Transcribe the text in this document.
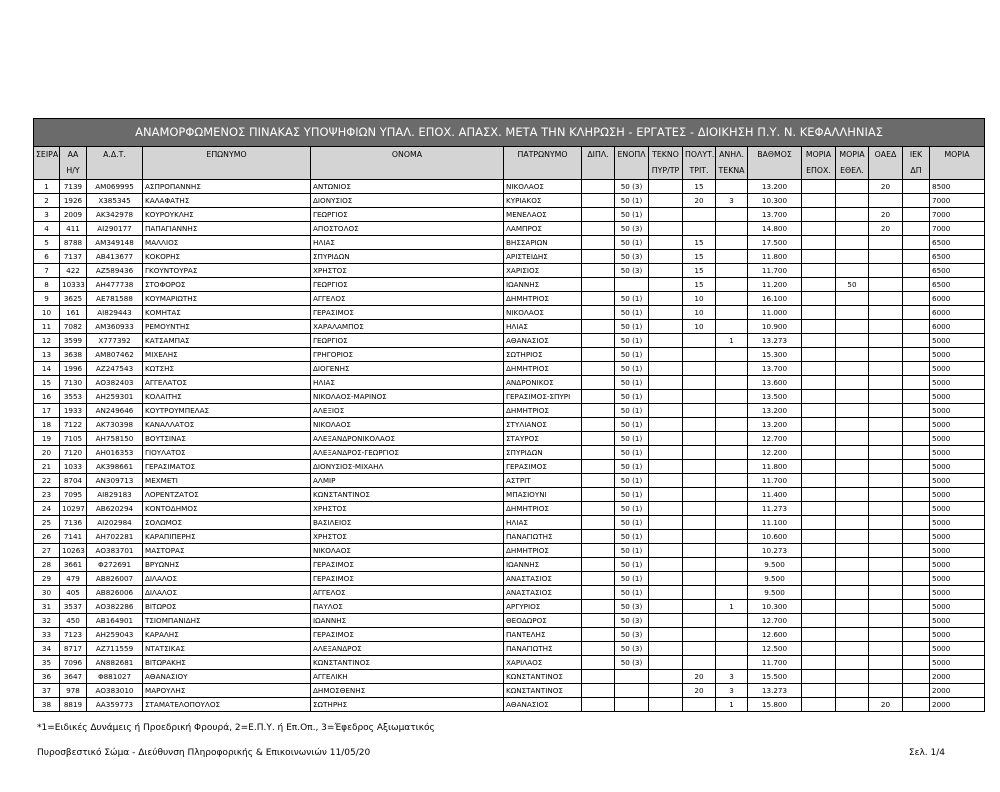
ΑΝΑΜΟΡΦΩΜΕΝΟΣ ΠΙΝΑΚΑΣ ΥΠΟΨΗΦΙΩΝ ΥΠΑΛ. ΕΠΟΧ. ΑΠΑΣΧ. ΜΕΤΑ ΤΗΝ ΚΛΗΡΩΣΗ - ΕΡΓΑΤΕΣ - ΔΙΟΙΚΗΣΗ Π.Υ. Ν. ΚΕΦΑΛΛΗΝΙΑΣ																
ΣΕΙΡΑ	ΑΑ	Α.Δ.Τ.	ΕΠΩΝΥΜΟ	ΟΝΟΜΑ	ΠΑΤΡΩΝΥΜΟ	ΔΙΠΛ.	ΕΝΟΠΛ	ΤΕΚΝΟ	ΠΟΛΥΤ.	ΑΝΗΛ.	ΒΑΘΜΟΣ	ΜΟΡΙΑ	ΜΟΡΙΑ	ΟΑΕΔ	ΙΕΚ	ΜΟΡΙΑ
	Η/Υ							ΠΥΡ/ΤΡ	ΤΡΙΤ.	ΤΕΚΝΑ		ΕΠΟΧ.	ΕΘΕΛ.		ΔΠ	
1	7139	ΑΜ069995	ΑΣΠΡΟΠΑΝΝΗΣ	ΑΝΤΩΝΙΟΣ	ΝΙΚΟΛΑΟΣ		50 (3)		15		13.200			20		8500
2	1926	Χ385345	ΚΑΛΑΦΑΤΗΣ	ΔΙΟΝΥΣΙΟΣ	ΚΥΡΙΑΚΟΣ		50 (1)		20	3	10.300					7000
3	2009	ΑΚ342978	ΚΟΥΡΟΥΚΛΗΣ	ΓΕΩΡΓΙΟΣ	ΜΕΝΕΛΑΟΣ		50 (1)				13.700			20		7000
4	411	ΑΙ290177	ΠΑΠΑΓΙΑΝΝΗΣ	ΑΠΟΣΤΟΛΟΣ	ΛΑΜΠΡΟΣ		50 (3)				14.800			20		7000
5	8788	ΑΜ349148	ΜΑΛΛΙΟΣ	ΗΛΙΑΣ	ΒΗΣΣΑΡΙΩΝ		50 (1)		15		17.500					6500
6	7137	ΑΒ413677	ΚΟΚΟΡΗΣ	ΣΠΥΡΙΔΩΝ	ΑΡΙΣΤΕΙΔΗΣ		50 (3)		15		11.800					6500
7	422	ΑΖ589436	ΓΚΟΥΝΤΟΥΡΑΣ	ΧΡΗΣΤΟΣ	ΧΑΡΙΣΙΟΣ		50 (3)		15		11.700					6500
8	10333	ΑΗ477738	ΣΤΟΦΟΡΟΣ	ΓΕΩΡΓΙΟΣ	ΙΩΑΝΝΗΣ				15		11.200		50			6500
9	3625	ΑΕ781588	ΚΟΥΜΑΡΙΩΤΗΣ	ΑΓΓΕΛΟΣ	ΔΗΜΗΤΡΙΟΣ		50 (1)		10		16.100					6000
10	161	ΑΙ829443	ΚΟΜΗΤΑΣ	ΓΕΡΑΣΙΜΟΣ	ΝΙΚΟΛΑΟΣ		50 (1)		10		11.000					6000
11	7082	ΑΜ360933	ΡΕΜΟΥΝΤΗΣ	ΧΑΡΑΛΑΜΠΟΣ	ΗΛΙΑΣ		50 (1)		10		10.900					6000
12	3599	Χ777392	ΚΑΤΣΑΜΠΑΣ	ΓΕΩΡΓΙΟΣ	ΑΘΑΝΑΣΙΟΣ		50 (1)			1	13.273					5000
13	3638	ΑΜ807462	ΜΙΧΕΛΗΣ	ΓΡΗΓΟΡΙΟΣ	ΣΩΤΗΡΙΟΣ		50 (1)				15.300					5000
14	1996	ΑΖ247543	ΚΩΤΣΗΣ	ΔΙΟΓΕΝΗΣ	ΔΗΜΗΤΡΙΟΣ		50 (1)				13.700					5000
15	7130	ΑΟ382403	ΑΓΓΕΛΑΤΟΣ	ΗΛΙΑΣ	ΑΝΔΡΟΝΙΚΟΣ		50 (1)				13.600					5000
16	3553	ΑΗ259301	ΚΟΛΑΙΤΗΣ	ΝΙΚΟΛΑΟΣ-ΜΑΡΙΝΟΣ	ΓΕΡΑΣΙΜΟΣ-ΣΠΥΡΙ		50 (1)				13.500					5000
17	1933	ΑΝ249646	ΚΟΥΤΡΟΥΜΠΕΛΑΣ	ΑΛΕΞΙΟΣ	ΔΗΜΗΤΡΙΟΣ		50 (1)				13.200					5000
18	7122	ΑΚ730398	ΚΑΝΑΛΛΑΤΟΣ	ΝΙΚΟΛΑΟΣ	ΣΤΥΛΙΑΝΟΣ		50 (1)				13.200					5000
19	7105	ΑΗ758150	ΒΟΥΤΣΙΝΑΣ	ΑΛΕΞΑΝΔΡΟΝΙΚΟΛΑΟΣ	ΣΤΑΥΡΟΣ		50 (1)				12.700					5000
20	7120	ΑΗ016353	ΓΙΟΥΛΑΤΟΣ	ΑΛΕΞΑΝΔΡΟΣ-ΓΕΩΡΓΙΟΣ	ΣΠΥΡΙΔΩΝ		50 (1)				12.200					5000
21	1033	ΑΚ398661	ΓΕΡΑΣΙΜΑΤΟΣ	ΔΙΟΝΥΣΙΟΣ-ΜΙΧΑΗΛ	ΓΕΡΑΣΙΜΟΣ		50 (1)				11.800					5000
22	8704	ΑΝ309713	ΜΕΧΜΕΤΙ	ΑΛΜΙΡ	ΑΣΤΡΙΤ		50 (1)				11.700					5000
23	7095	ΑΙ829183	ΛΟΡΕΝΤΖΑΤΟΣ	ΚΩΝΣΤΑΝΤΙΝΟΣ	ΜΠΑΣΙΟΥΝΙ		50 (1)				11.400					5000
24	10297	ΑΒ620294	ΚΟΝΤΟΔΗΜΟΣ	ΧΡΗΣΤΟΣ	ΔΗΜΗΤΡΙΟΣ		50 (1)				11.273					5000
25	7136	ΑΙ202984	ΣΟΛΩΜΟΣ	ΒΑΣΙΛΕΙΟΣ	ΗΛΙΑΣ		50 (1)				11.100					5000
26	7141	ΑΗ702281	ΚΑΡΑΠΙΠΕΡΗΣ	ΧΡΗΣΤΟΣ	ΠΑΝΑΓΙΩΤΗΣ		50 (1)				10.600					5000
27	10263	ΑΟ383701	ΜΑΣΤΟΡΑΣ	ΝΙΚΟΛΑΟΣ	ΔΗΜΗΤΡΙΟΣ		50 (1)				10.273					5000
28	3661	Φ272691	ΒΡΥΩΝΗΣ	ΓΕΡΑΣΙΜΟΣ	ΙΩΑΝΝΗΣ		50 (1)				9.500					5000
29	479	ΑΒ826007	ΔΙΛΑΛΟΣ	ΓΕΡΑΣΙΜΟΣ	ΑΝΑΣΤΑΣΙΟΣ		50 (1)				9.500					5000
30	405	ΑΒ826006	ΔΙΛΑΛΟΣ	ΑΓΓΕΛΟΣ	ΑΝΑΣΤΑΣΙΟΣ		50 (1)				9.500					5000
31	3537	ΑΟ382286	ΒΙΤΩΡΟΣ	ΠΑΥΛΟΣ	ΑΡΓΥΡΙΟΣ		50 (3)			1	10.300					5000
32	450	ΑΒ164901	ΤΣΙΟΜΠΑΝΙΔΗΣ	ΙΩΑΝΝΗΣ	ΘΕΟΔΩΡΟΣ		50 (3)				12.700					5000
33	7123	ΑΗ259043	ΚΑΡΑΛΗΣ	ΓΕΡΑΣΙΜΟΣ	ΠΑΝΤΕΛΗΣ		50 (3)				12.600					5000
34	8717	ΑΖ711559	ΝΤΑΤΣΙΚΑΣ	ΑΛΕΞΑΝΔΡΟΣ	ΠΑΝΑΓΙΩΤΗΣ		50 (3)				12.500					5000
35	7096	ΑΝ882681	ΒΙΤΩΡΑΚΗΣ	ΚΩΝΣΤΑΝΤΙΝΟΣ	ΧΑΡΙΛΑΟΣ		50 (3)				11.700					5000
36	3647	Φ881027	ΑΘΑΝΑΣΙΟΥ	ΑΓΓΕΛΙΚΗ	ΚΩΝΣΤΑΝΤΙΝΟΣ				20	3	15.500					2000
37	978	ΑΟ383010	ΜΑΡΟΥΛΗΣ	ΔΗΜΟΣΘΕΝΗΣ	ΚΩΝΣΤΑΝΤΙΝΟΣ				20	3	13.273					2000
38	8819	ΑΑ359773	ΣΤΑΜΑΤΕΛΟΠΟΥΛΟΣ	ΣΩΤΗΡΗΣ	ΑΘΑΝΑΣΙΟΣ					1	15.800			20		2000
*1=Ειδικές Δυνάμεις ή Προεδρική Φρουρά, 2=Ε.Π.Υ. ή Επ.Οπ., 3=Έφεδρος Αξιωματικός
Πυροσβεστικό Σώμα - Διεύθυνση Πληροφορικής & Επικοινωνιών 11/05/20	Σελ. 1/4
